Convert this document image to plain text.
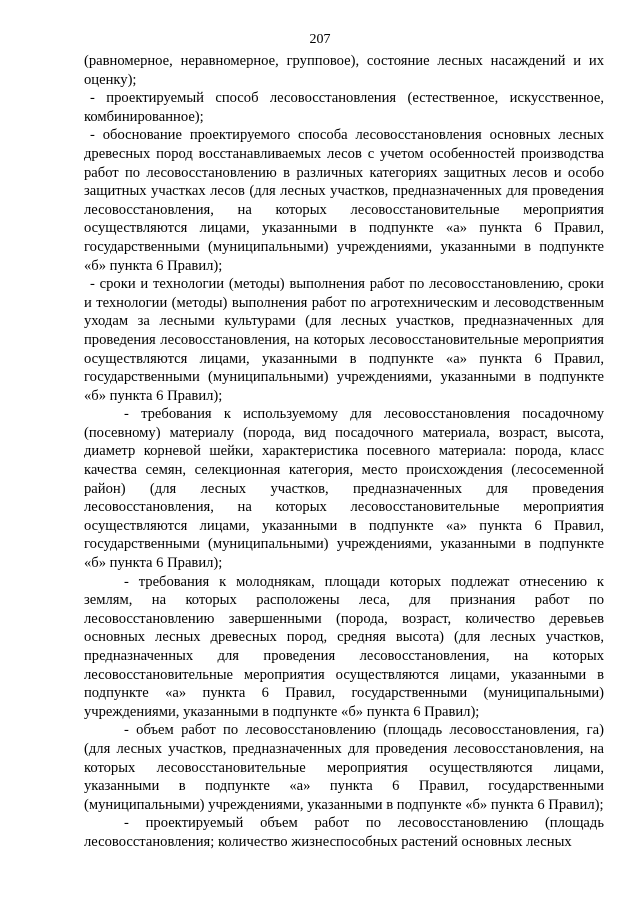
207

(равномерное, неравномерное, групповое), состояние лесных насаждений и их оценку);

- проектируемый способ лесовосстановления (естественное, искусственное, комбинированное);

- обоснование проектируемого способа лесовосстановления основных лесных древесных пород восстанавливаемых лесов с учетом особенностей производства работ по лесовосстановлению в различных категориях защитных лесов и особо защитных участках лесов (для лесных участков, предназначенных для проведения лесовосстановления, на которых лесовосстановительные мероприятия осуществляются лицами, указанными в подпункте «а» пункта 6 Правил, государственными (муниципальными) учреждениями, указанными в подпункте «б» пункта 6 Правил);

- сроки и технологии (методы) выполнения работ по лесовосстановлению, сроки и технологии (методы) выполнения работ по агротехническим и лесоводственным уходам за лесными культурами (для лесных участков, предназначенных для проведения лесовосстановления, на которых лесовосстановительные мероприятия осуществляются лицами, указанными в подпункте «а» пункта 6 Правил, государственными (муниципальными) учреждениями, указанными в подпункте «б» пункта 6 Правил);

- требования к используемому для лесовосстановления посадочному (посевному) материалу (порода, вид посадочного материала, возраст, высота, диаметр корневой шейки, характеристика посевного материала: порода, класс качества семян, селекционная категория, место происхождения (лесосеменной район) (для лесных участков, предназначенных для проведения лесовосстановления, на которых лесовосстановительные мероприятия осуществляются лицами, указанными в подпункте «а» пункта 6 Правил, государственными (муниципальными) учреждениями, указанными в подпункте «б» пункта 6 Правил);

- требования к молоднякам, площади которых подлежат отнесению к землям, на которых расположены леса, для признания работ по лесовосстановлению завершенными (порода, возраст, количество деревьев основных лесных древесных пород, средняя высота) (для лесных участков, предназначенных для проведения лесовосстановления, на которых лесовосстановительные мероприятия осуществляются лицами, указанными в подпункте «а» пункта 6 Правил, государственными (муниципальными) учреждениями, указанными в подпункте «б» пункта 6 Правил);

- объем работ по лесовосстановлению (площадь лесовосстановления, га) (для лесных участков, предназначенных для проведения лесовосстановления, на которых лесовосстановительные мероприятия осуществляются лицами, указанными в подпункте «а» пункта 6 Правил, государственными (муниципальными) учреждениями, указанными в подпункте «б» пункта 6 Правил);

- проектируемый объем работ по лесовосстановлению (площадь лесовосстановления; количество жизнеспособных растений основных лесных
